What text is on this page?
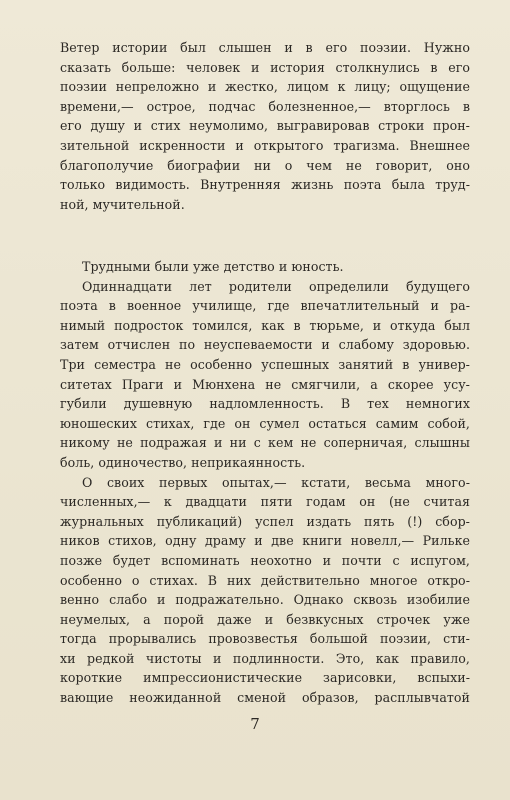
Ветер истории был слышен и в его поэзии. Нужно
сказать больше: человек и история столкнулись в его
поэзии непреложно и жестко, лицом к лицу; ощущение
времени,— острое, подчас болезненное,— вторглось в
его душу и стих неумолимо, выгравировав строки прон-
зительной искренности и открытого трагизма. Внешнее
благополучие биографии ни о чем не говорит, оно
только видимость. Внутренняя жизнь поэта была труд-
ной, мучительной.
Трудными были уже детство и юность.
Одиннадцати лет родители определили будущего
поэта в военное училище, где впечатлительный и ра-
нимый подросток томился, как в тюрьме, и откуда был
затем отчислен по неуспеваемости и слабому здоровью.
Три семестра не особенно успешных занятий в универ-
ситетах Праги и Мюнхена не смягчили, а скорее усу-
губили душевную надломленность. В тех немногих
юношеских стихах, где он сумел остаться самим собой,
никому не подражая и ни с кем не соперничая, слышны
боль, одиночество, неприкаянность.
О своих первых опытах,— кстати, весьма много-
численных,— к двадцати пяти годам он (не считая
журнальных публикаций) успел издать пять (!) сбор-
ников стихов, одну драму и две книги новелл,— Рильке
позже будет вспоминать неохотно и почти с испугом,
особенно о стихах. В них действительно многое откро-
венно слабо и подражательно. Однако сквозь изобилие
неумелых, а порой даже и безвкусных строчек уже
тогда прорывались провозвестья большой поэзии, сти-
хи редкой чистоты и подлинности. Это, как правило,
короткие импрессионистические зарисовки, вспыхи-
вающие неожиданной сменой образов, расплывчатой
7
